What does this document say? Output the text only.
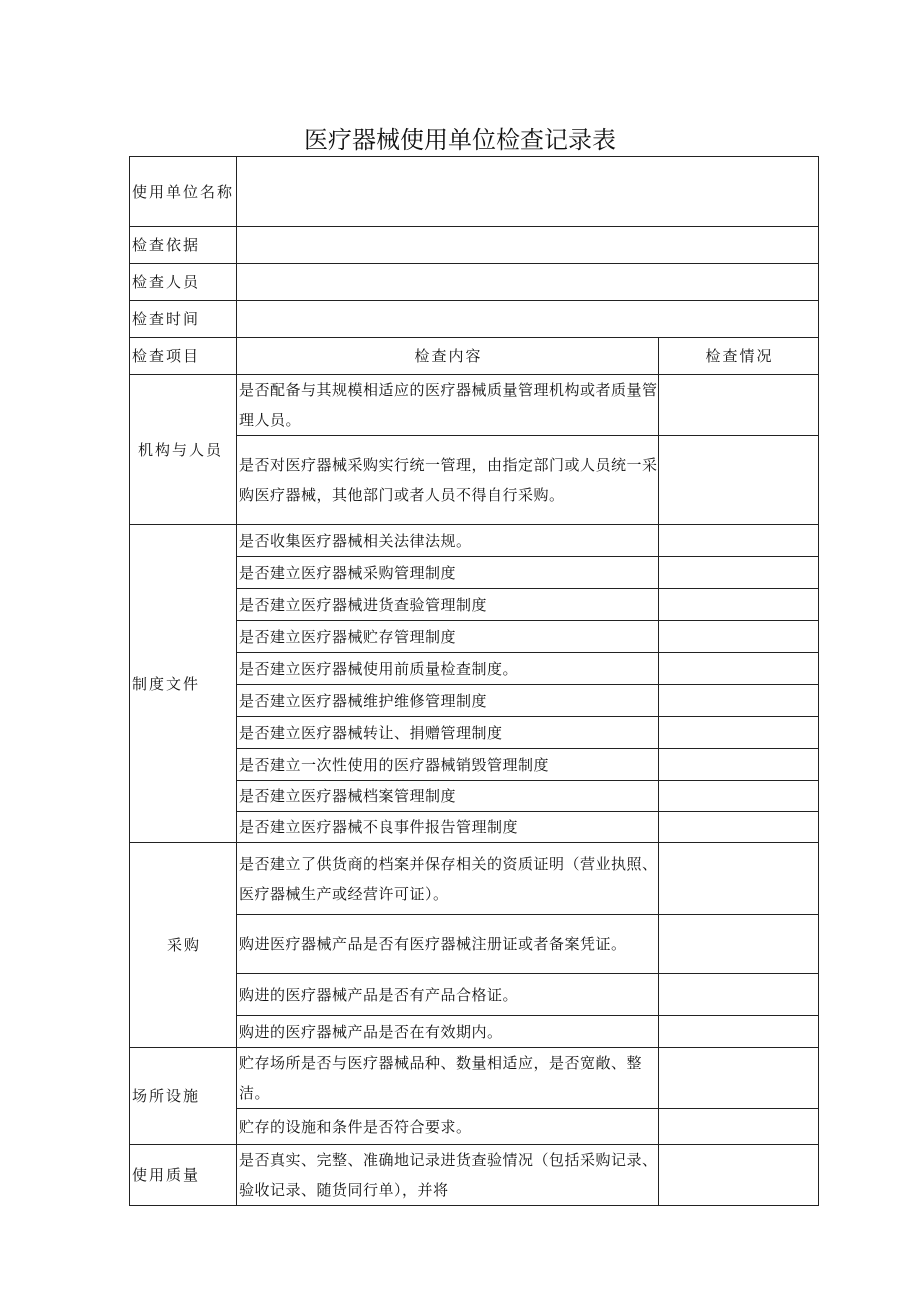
医疗器械使用单位检查记录表
使用单位名称		
检查依据		
检查人员		
检查时间		
检查项目	检查内容	检查情况
机构与人员	是否配备与其规模相适应的医疗器械质量管理机构或者质量管理人员。	
	是否对医疗器械采购实行统一管理，由指定部门或人员统一采购医疗器械，其他部门或者人员不得自行采购。	
制度文件	是否收集医疗器械相关法律法规。	
	是否建立医疗器械采购管理制度	
	是否建立医疗器械进货查验管理制度	
	是否建立医疗器械贮存管理制度	
	是否建立医疗器械使用前质量检查制度。	
	是否建立医疗器械维护维修管理制度	
	是否建立医疗器械转让、捐赠管理制度	
	是否建立一次性使用的医疗器械销毁管理制度	
	是否建立医疗器械档案管理制度	
	是否建立医疗器械不良事件报告管理制度	
采购	是否建立了供货商的档案并保存相关的资质证明（营业执照、医疗器械生产或经营许可证）。	
	购进医疗器械产品是否有医疗器械注册证或者备案凭证。	
	购进的医疗器械产品是否有产品合格证。	
	购进的医疗器械产品是否在有效期内。	
场所设施	贮存场所是否与医疗器械品种、数量相适应，是否宽敞、整洁。	
	贮存的设施和条件是否符合要求。	
使用质量	是否真实、完整、准确地记录进货查验情况（包括采购记录、验收记录、随货同行单），并将	
